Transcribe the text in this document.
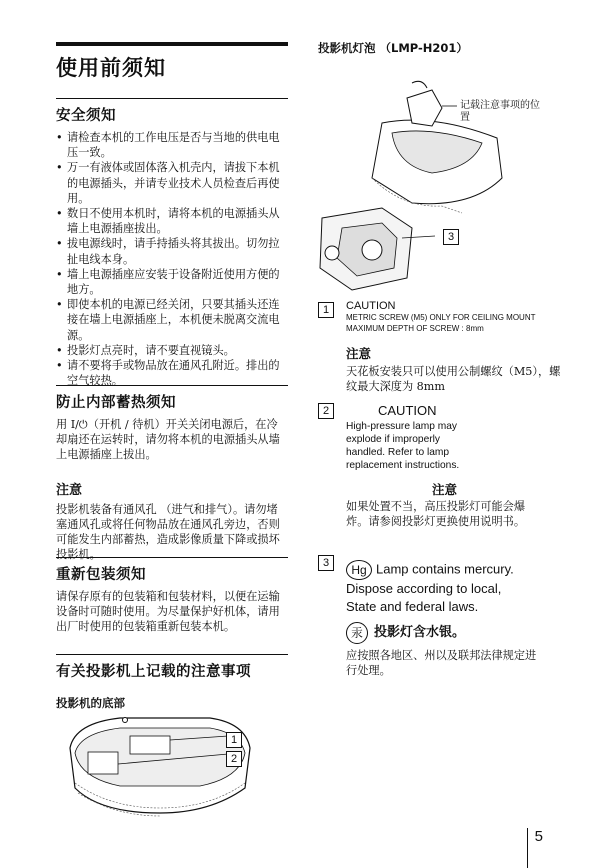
使用前须知
安全须知
• 请检查本机的工作电压是否与当地的供电电压一致。
• 万一有液体或固体落入机壳内，请拔下本机的电源插头，并请专业技术人员检查后再使用。
• 数日不使用本机时，请将本机的电源插头从墙上电源插座拔出。
• 拔电源线时，请手持插头将其拔出。切勿拉扯电线本身。
• 墙上电源插座应安装于设备附近使用方便的地方。
• 即使本机的电源已经关闭，只要其插头还连接在墙上电源插座上，本机便未脱离交流电源。
• 投影灯点亮时，请不要直视镜头。
• 请不要将手或物品放在通风孔附近。排出的空气较热。
防止内部蓄热须知
用 I/⏻（开机 / 待机）开关关闭电源后，在冷却扇还在运转时，请勿将本机的电源插头从墙上电源插座上拔出。
注意
投影机装备有通风孔 （进气和排气）。请勿堵塞通风孔或将任何物品放在通风孔旁边，否则可能发生内部蓄热，造成影像质量下降或损坏投影机。
重新包装须知
请保存原有的包装箱和包装材料，以便在运输设备时可随时使用。为尽量保护好机体，请用出厂时使用的包装箱重新包装本机。
有关投影机上记载的注意事项
投影机的底部
1
2
投影机灯泡 （LMP-H201）
记载注意事项的位置
3
1	CAUTION
METRIC SCREW (M5) ONLY FOR CEILING MOUNT
MAXIMUM DEPTH OF SCREW : 8mm
注意
天花板安装只可以使用公制螺纹（M5），螺纹最大深度为 8mm
2	CAUTION
High-pressure lamp may
explode if improperly
handled. Refer to lamp
replacement instructions.
注意
如果处置不当，高压投影灯可能会爆炸。请参阅投影灯更换使用说明书。
3	Hg Lamp contains mercury.
Dispose according to local,
State and federal laws.
汞 投影灯含水银。
应按照各地区、州以及联邦法律规定进行处理。
5
